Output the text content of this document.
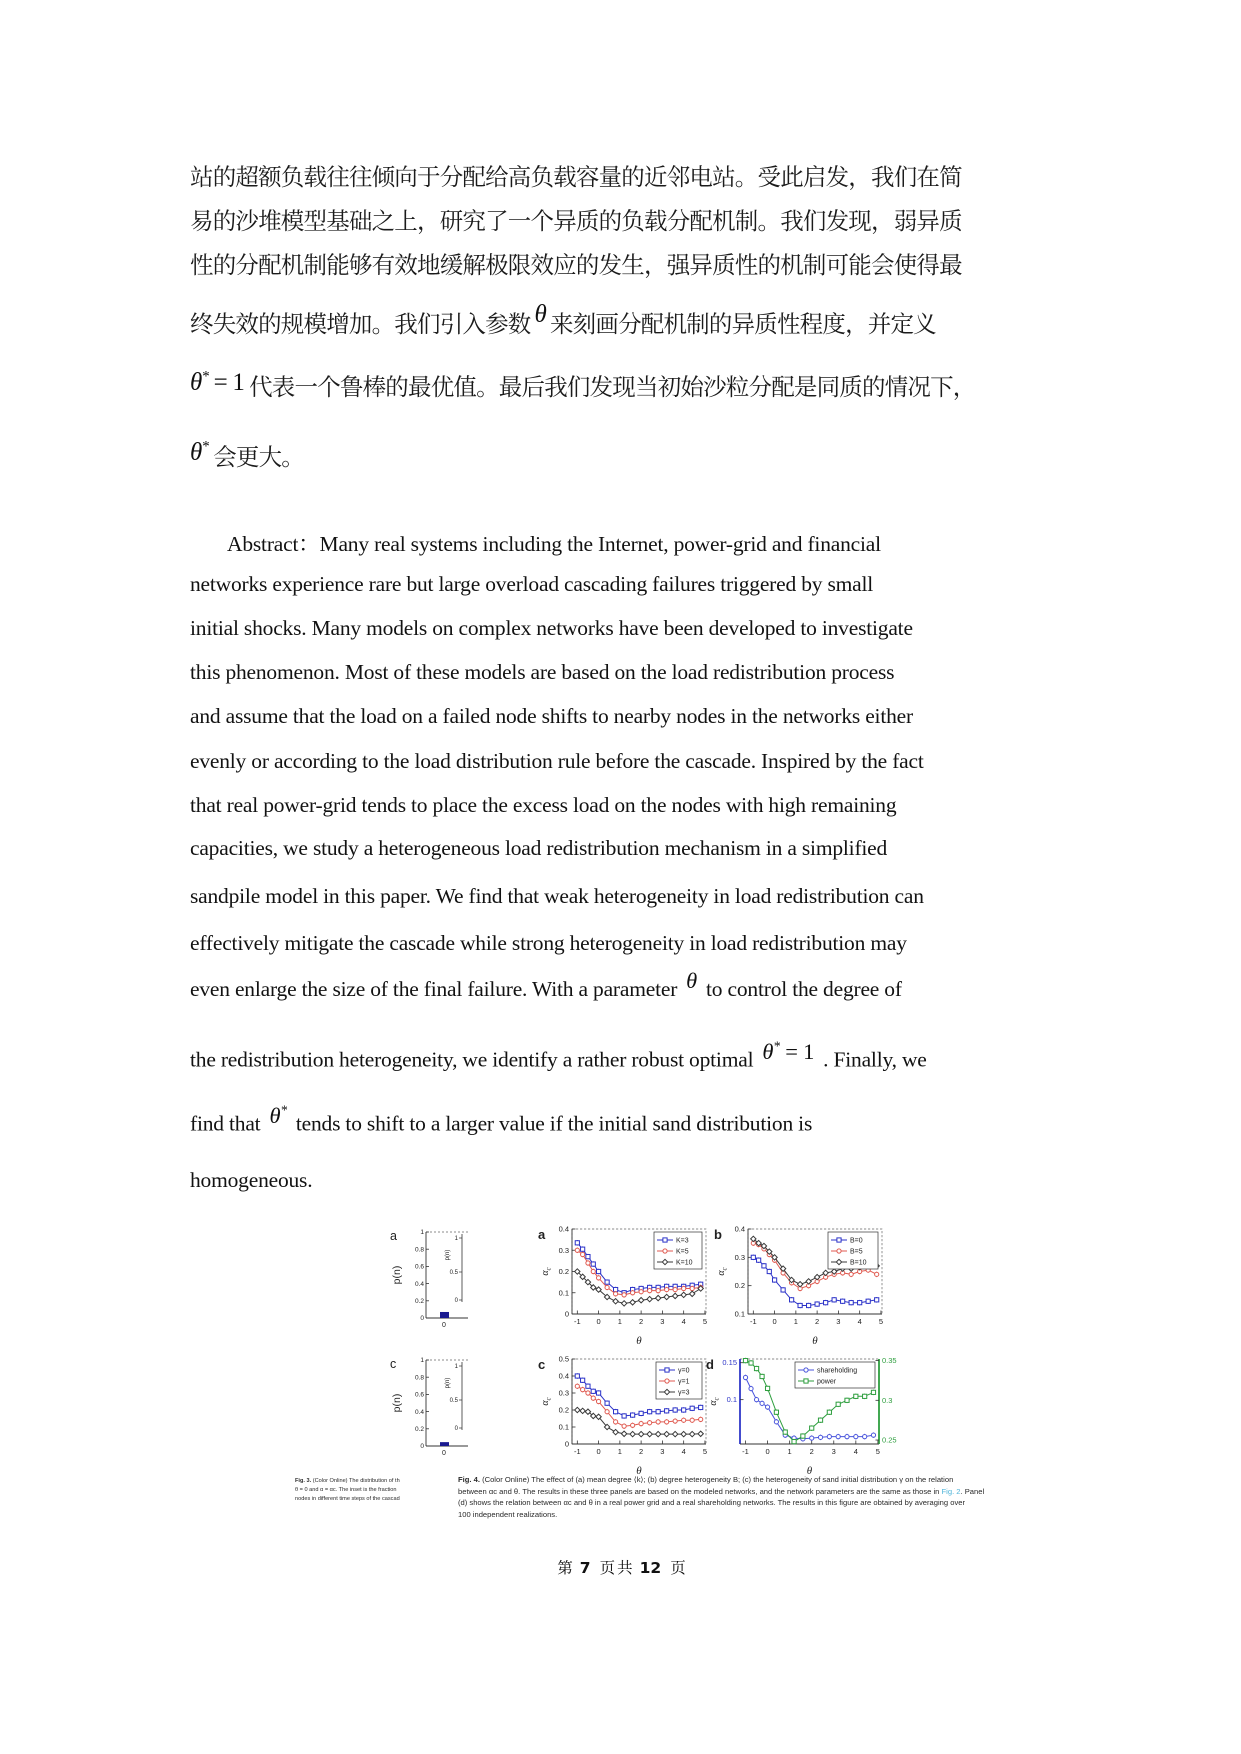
站的超额负载往往倾向于分配给高负载容量的近邻电站。受此启发，我们在简
易的沙堆模型基础之上，研究了一个异质的负载分配机制。我们发现，弱异质
性的分配机制能够有效地缓解极限效应的发生，强异质性的机制可能会使得最
终失效的规模增加。我们引入参数 θ 来刻画分配机制的异质性程度，并定义
θ* = 1 代表一个鲁棒的最优值。最后我们发现当初始沙粒分配是同质的情况下，
θ* 会更大。
Abstract：Many real systems including the Internet, power-grid and financial
networks experience rare but large overload cascading failures triggered by small
initial shocks. Many models on complex networks have been developed to investigate
this phenomenon. Most of these models are based on the load redistribution process
and assume that the load on a failed node shifts to nearby nodes in the networks either
evenly or according to the load distribution rule before the cascade. Inspired by the fact
that real power-grid tends to place the excess load on the nodes with high remaining
capacities, we study a heterogeneous load redistribution mechanism in a simplified
sandpile model in this paper. We find that weak heterogeneity in load redistribution can
effectively mitigate the cascade while strong heterogeneity in load redistribution may
even enlarge the size of the final failure. With a parameter θ to control the degree of
the redistribution heterogeneity, we identify a rather robust optimal θ* = 1 . Finally, we
find that θ*tends to shift to a larger value if the initial sand distribution is
homogeneous.
a
p(n)
1
0.8
0.6
0.4
0.2
0
0
1
0.5
0
p(n)
c
p(n)
1
0.8
0.6
0.4
0.2
0
0
1
0.5
0
p(n)
a
0
0.1
0.2
0.3
0.4
-1 0 1 2 3 4 5
θ
$\alpha_c$
K=3
K=5
K=10
b
0.1
0.2
0.3
0.4
-1 0 1 2 3 4 5
θ
$\alpha_c$
B=0
B=5
B=10
c
0
0.1
0.2
0.3
0.4
0.5
-1 0 1 2 3 4 5
θ
$\alpha_c$
γ=0
γ=1
γ=3
d 0.15
0.1
0.35
0.3
0.25
-1 0 1 2 3 4 5
θ
$\alpha_c$
shareholding
power
Fig. 3. (Color Online) The distribution of th
θ = 0 and α = αc. The inset is the fraction
nodes in different time steps of the cascad
Fig. 4. (Color Online) The effect of (a) mean degree ⟨k⟩; (b) degree heterogeneity B; (c) the heterogeneity of sand initial distribution γ on the relation
between αc and θ. The results in these three panels are based on the modeled networks, and the network parameters are the same as those in Fig. 2. Panel
(d) shows the relation between αc and θ in a real power grid and a real shareholding networks. The results in this figure are obtained by averaging over
100 independent realizations.
第 7 页 共 12 页
